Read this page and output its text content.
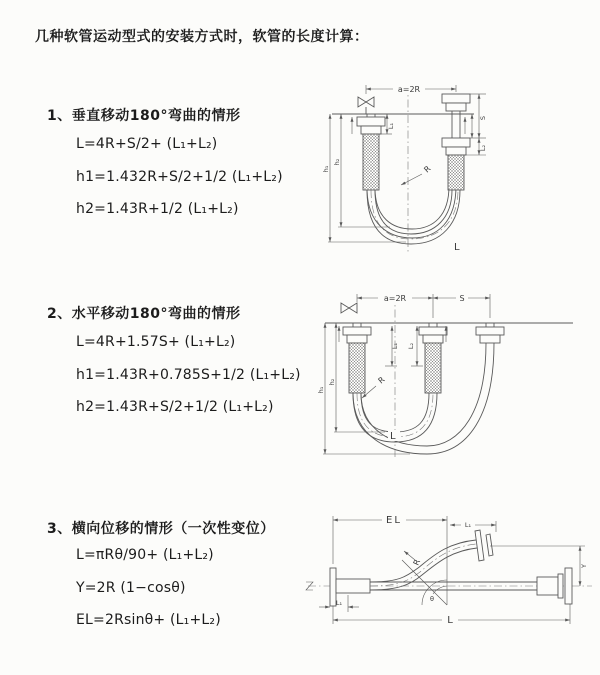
几种软管运动型式的安装方式时，软管的长度计算：
1、垂直移动180°弯曲的情形
L=4R+S/2+ (L₁+L₂)
h1=1.432R+S/2+1/2 (L₁+L₂)
h2=1.43R+1/2 (L₁+L₂)
2、水平移动180°弯曲的情形
L=4R+1.57S+ (L₁+L₂)
h1=1.43R+0.785S+1/2 (L₁+L₂)
h2=1.43R+S/2+1/2 (L₁+L₂)
3、横向位移的情形（一次性变位）
L=πRθ/90+ (L₁+L₂)
Y=2R (1−cosθ)
EL=2Rsinθ+ (L₁+L₂)
a=2R
h₁
h₂
L₁
S
L₂
R
L
a=2R	S
h₁
h₂
L₁ L₂
R
L
θ
EL	L₁
Y
R
L₁
L
